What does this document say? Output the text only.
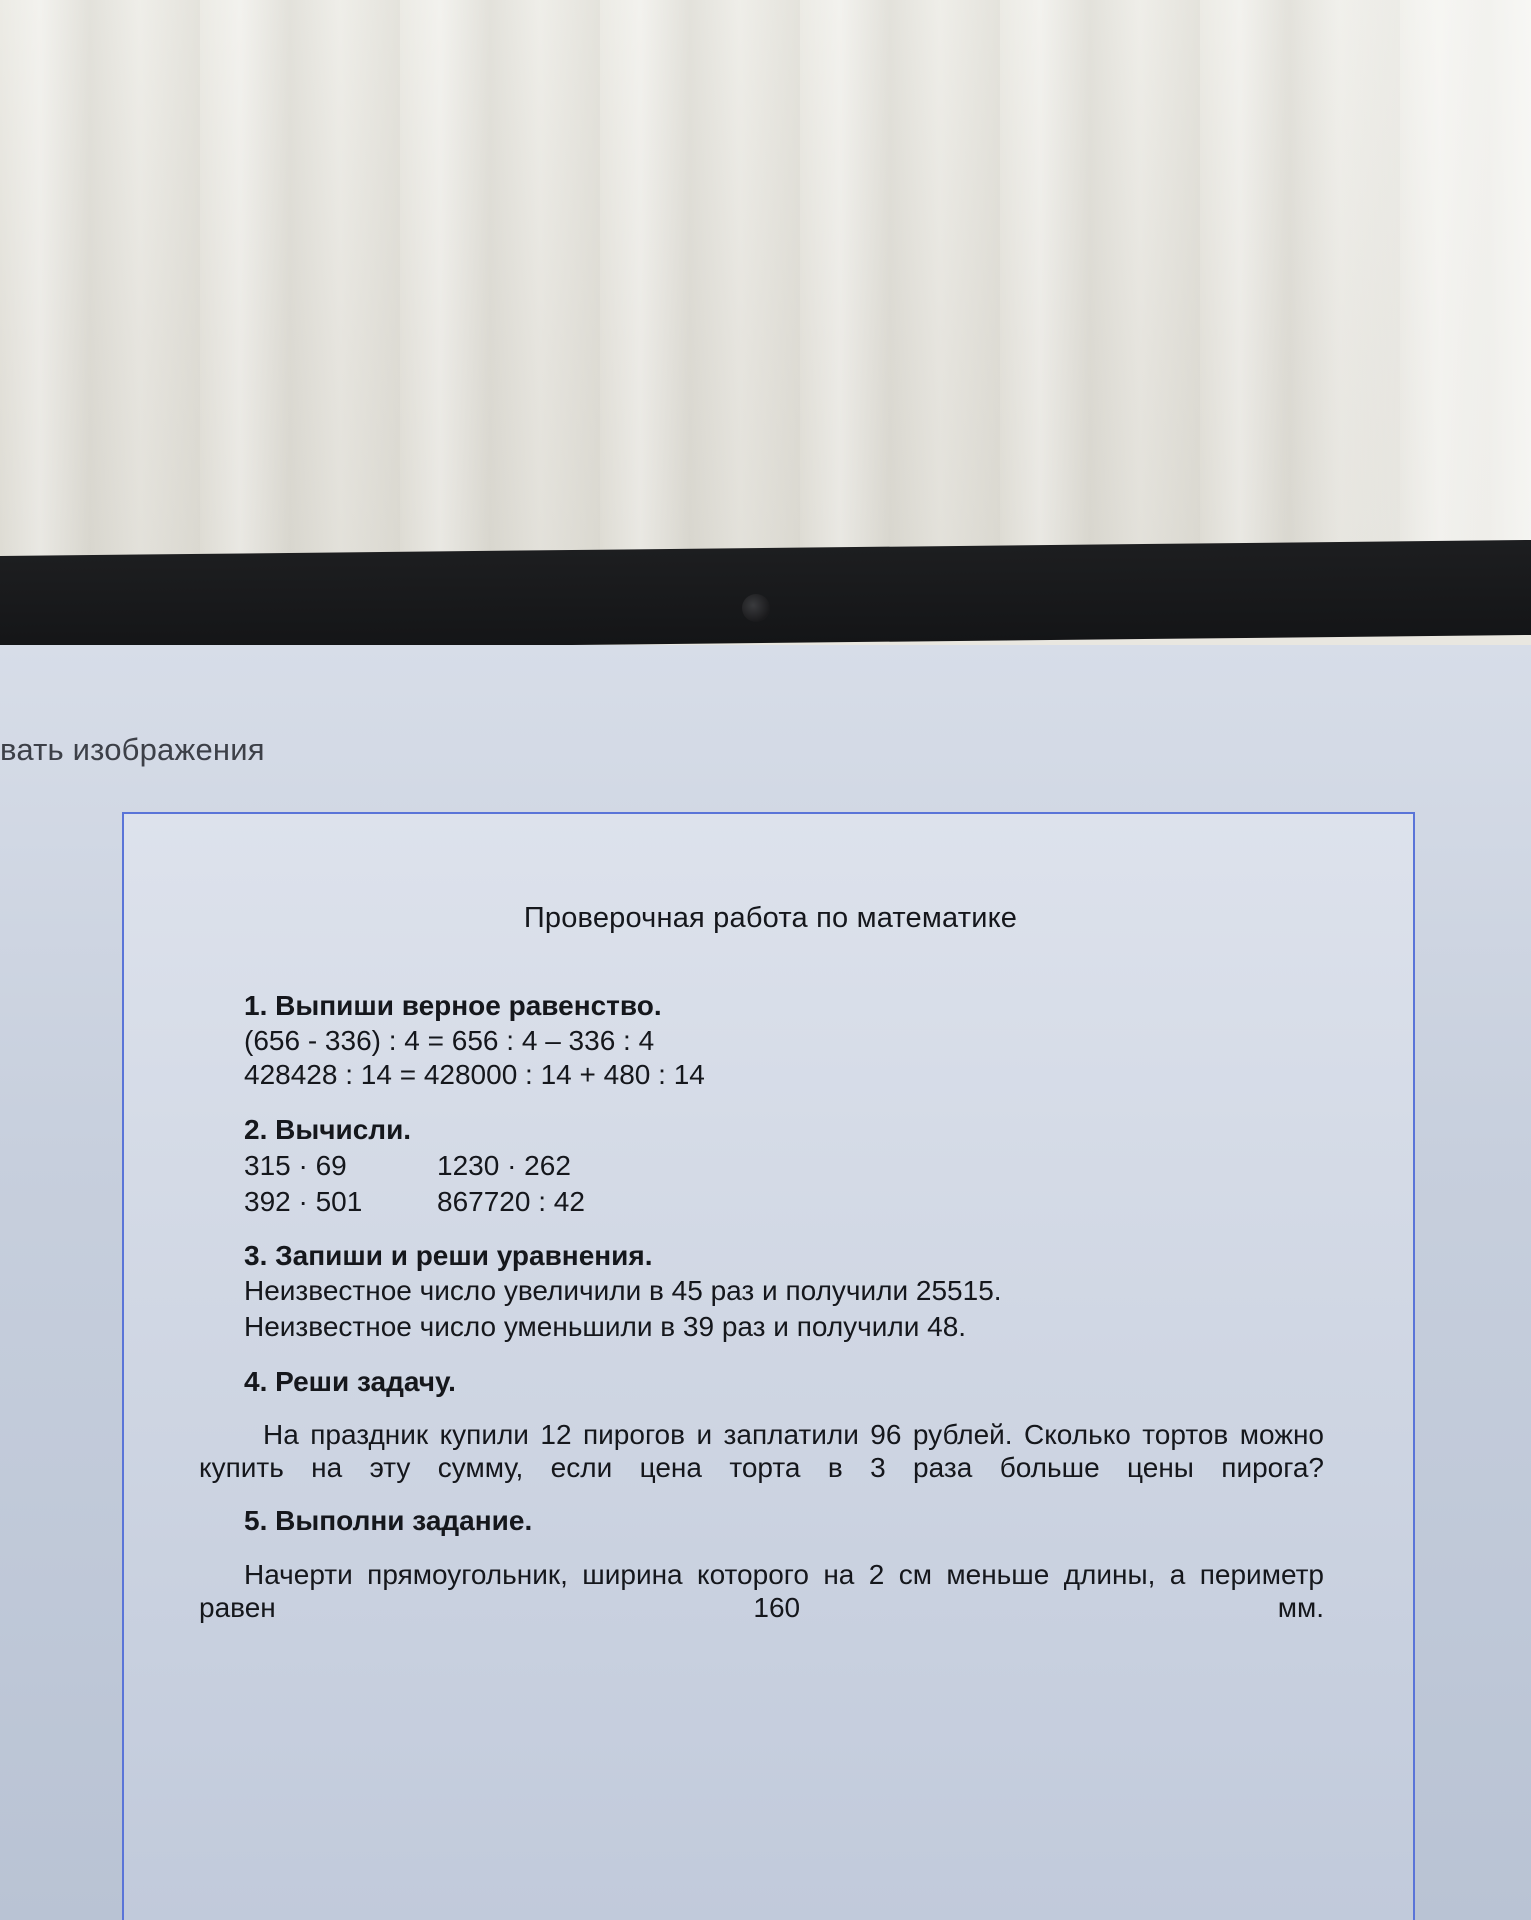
вать изображения
Проверочная работа по математике
1. Выпиши верное равенство.
(656 - 336) : 4 = 656 : 4 – 336 : 4
428428 : 14 = 428000 : 14 + 480 : 14
2. Вычисли.
315 · 69	1230 · 262
392 · 501	867720 : 42
3. Запиши и реши уравнения.
Неизвестное число увеличили в 45 раз и получили 25515.
Неизвестное число уменьшили в 39 раз и получили 48.
4. Реши задачу.
На праздник купили 12 пирогов и заплатили 96 рублей. Сколько тортов можно купить на эту сумму, если цена торта в 3 раза больше цены пирога?
5. Выполни задание.
Начерти прямоугольник, ширина которого на 2 см меньше длины, а периметр равен 160 мм.
